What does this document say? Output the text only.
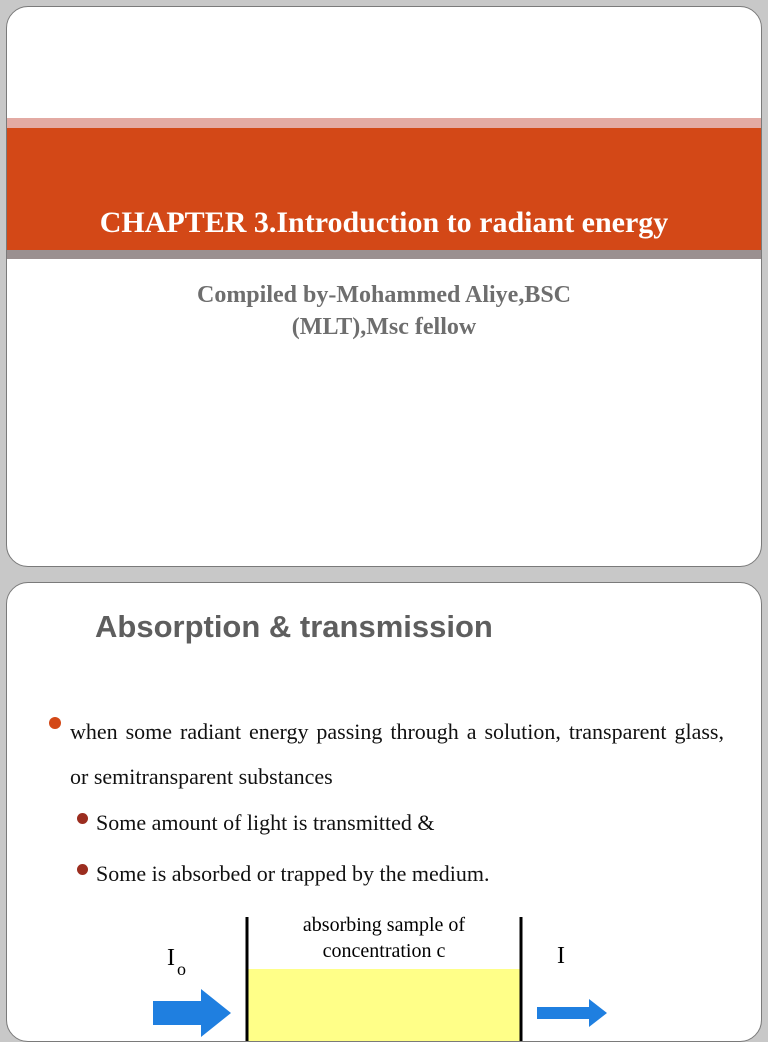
CHAPTER 3.Introduction to radiant energy
Compiled by-Mohammed Aliye,BSC
(MLT),Msc fellow
Absorption & transmission
when some radiant energy passing through a solution, transparent glass, or semitransparent substances
Some amount of light is transmitted &
Some is absorbed or trapped by the medium.
absorbing sample of
concentration c
I o	I
